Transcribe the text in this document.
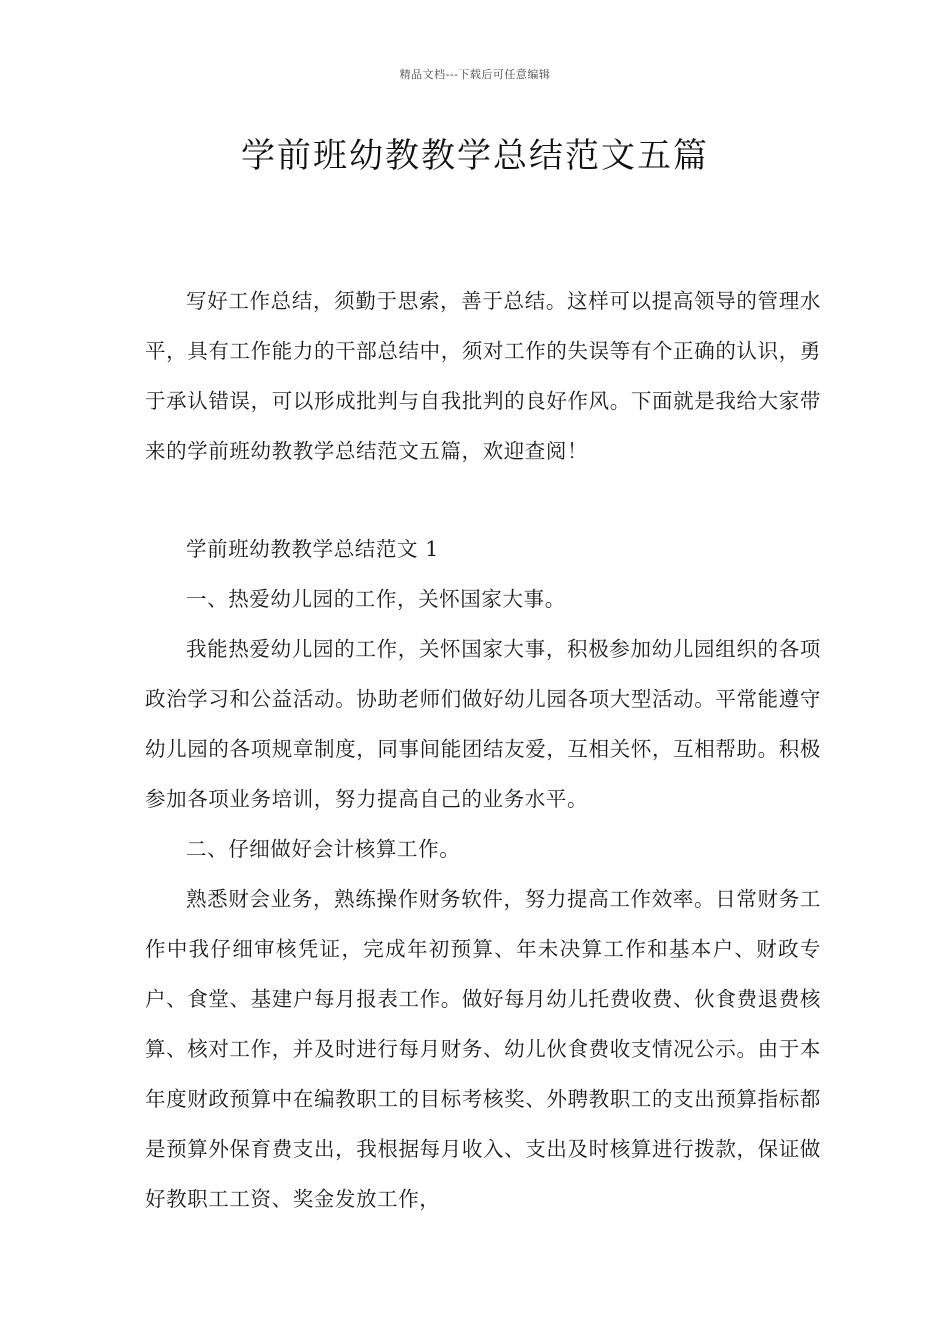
精品文档---下载后可任意编辑
学前班幼教教学总结范文五篇

写好工作总结，须勤于思索，善于总结。这样可以提高领导的管理水平，具有工作能力的干部总结中，须对工作的失误等有个正确的认识，勇于承认错误，可以形成批判与自我批判的良好作风。下面就是我给大家带来的学前班幼教教学总结范文五篇，欢迎查阅！

学前班幼教教学总结范文 1

一、热爱幼儿园的工作，关怀国家大事。

我能热爱幼儿园的工作，关怀国家大事，积极参加幼儿园组织的各项政治学习和公益活动。协助老师们做好幼儿园各项大型活动。平常能遵守幼儿园的各项规章制度，同事间能团结友爱，互相关怀，互相帮助。积极参加各项业务培训，努力提高自己的业务水平。

二、仔细做好会计核算工作。

熟悉财会业务，熟练操作财务软件，努力提高工作效率。日常财务工作中我仔细审核凭证，完成年初预算、年未决算工作和基本户、财政专户、食堂、基建户每月报表工作。做好每月幼儿托费收费、伙食费退费核算、核对工作，并及时进行每月财务、幼儿伙食费收支情况公示。由于本年度财政预算中在编教职工的目标考核奖、外聘教职工的支出预算指标都是预算外保育费支出，我根据每月收入、支出及时核算进行拨款，保证做好教职工工资、奖金发放工作，
